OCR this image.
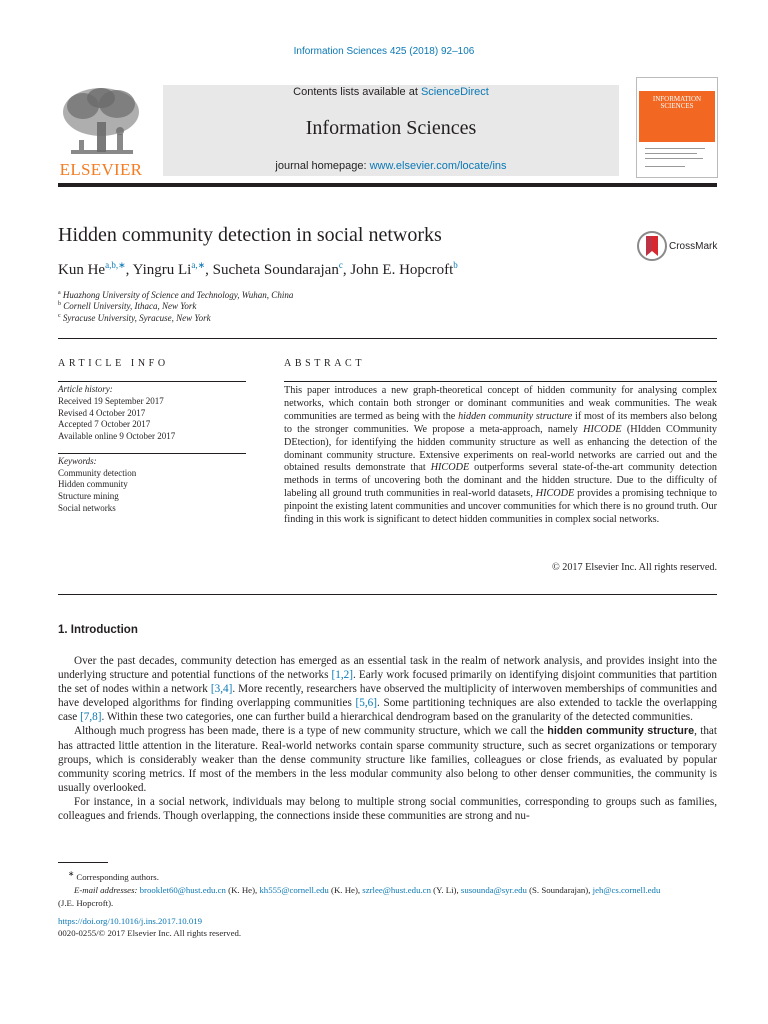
Information Sciences 425 (2018) 92–106
Contents lists available at ScienceDirect
Information Sciences
journal homepage: www.elsevier.com/locate/ins
ELSEVIER
INFORMATION SCIENCES
Hidden community detection in social networks
CrossMark
Kun $He^{a,b,∗}$, Yingru $Li^{a,∗}$, Sucheta Soundarajan$^c$, John E. Hopcroft$^b$
$^a$ Huazhong University of Science and Technology, Wuhan, China
$^b$ Cornell University, Ithaca, New York
$^c$ Syracuse University, Syracuse, New York
ARTICLE INFO
Article history:
Received 19 September 2017
Revised 4 October 2017
Accepted 7 October 2017
Available online 9 October 2017
Keywords:
Community detection
Hidden community
Structure mining
Social networks
ABSTRACT
This paper introduces a new graph-theoretical concept of hidden community for analysing complex networks, which contain both stronger or dominant communities and weak communities. The weak communities are termed as being with the hidden community structure if most of its members also belong to the stronger communities. We propose a meta-approach, namely HICODE (HIdden COmmunity DEtection), for identifying the hidden community structure as well as enhancing the detection of the dominant community structure. Extensive experiments on real-world networks are carried out and the obtained results demonstrate that HICODE outperforms several state-of-the-art community detection methods in terms of uncovering both the dominant and the hidden structure. Due to the difficulty of labeling all ground truth communities in real-world datasets, HICODE provides a promising technique to pinpoint the existing latent communities and uncover communities for which there is no ground truth. Our finding in this work is significant to detect hidden communities in complex social networks.
© 2017 Elsevier Inc. All rights reserved.
1. Introduction

Over the past decades, community detection has emerged as an essential task in the realm of network analysis, and provides insight into the underlying structure and potential functions of the networks [1,2]. Early work focused primarily on identifying disjoint communities that partition the set of nodes within a network [3,4]. More recently, researchers have observed the multiplicity of interwoven memberships of communities and have developed algorithms for finding overlapping communities [5,6]. Some partitioning techniques are also extended to tackle the overlapping case [7,8]. Within these two categories, one can further build a hierarchical dendrogram based on the granularity of the detected communities.

Although much progress has been made, there is a type of new community structure, which we call the hidden community structure, that has attracted little attention in the literature. Real-world networks contain sparse community structure, such as secret organizations or temporary groups, which is considerably weaker than the dense community structure like families, colleagues or close friends, as evaluated by popular community scoring metrics. If most of the members in the less modular community also belong to other denser communities, the community is usually overlooked.

For instance, in a social network, individuals may belong to multiple strong social communities, corresponding to groups such as families, colleagues and friends. Though overlapping, the connections inside these communities are strong and nu-

∗ Corresponding authors.
E-mail addresses: brooklet60@hust.edu.cn (K. He), kh555@cornell.edu (K. He), szrlee@hust.edu.cn (Y. Li), susounda@syr.edu (S. Soundarajan), jeh@cs.cornell.edu
(J.E. Hopcroft).
https://doi.org/10.1016/j.ins.2017.10.019
0020-0255/© 2017 Elsevier Inc. All rights reserved.
